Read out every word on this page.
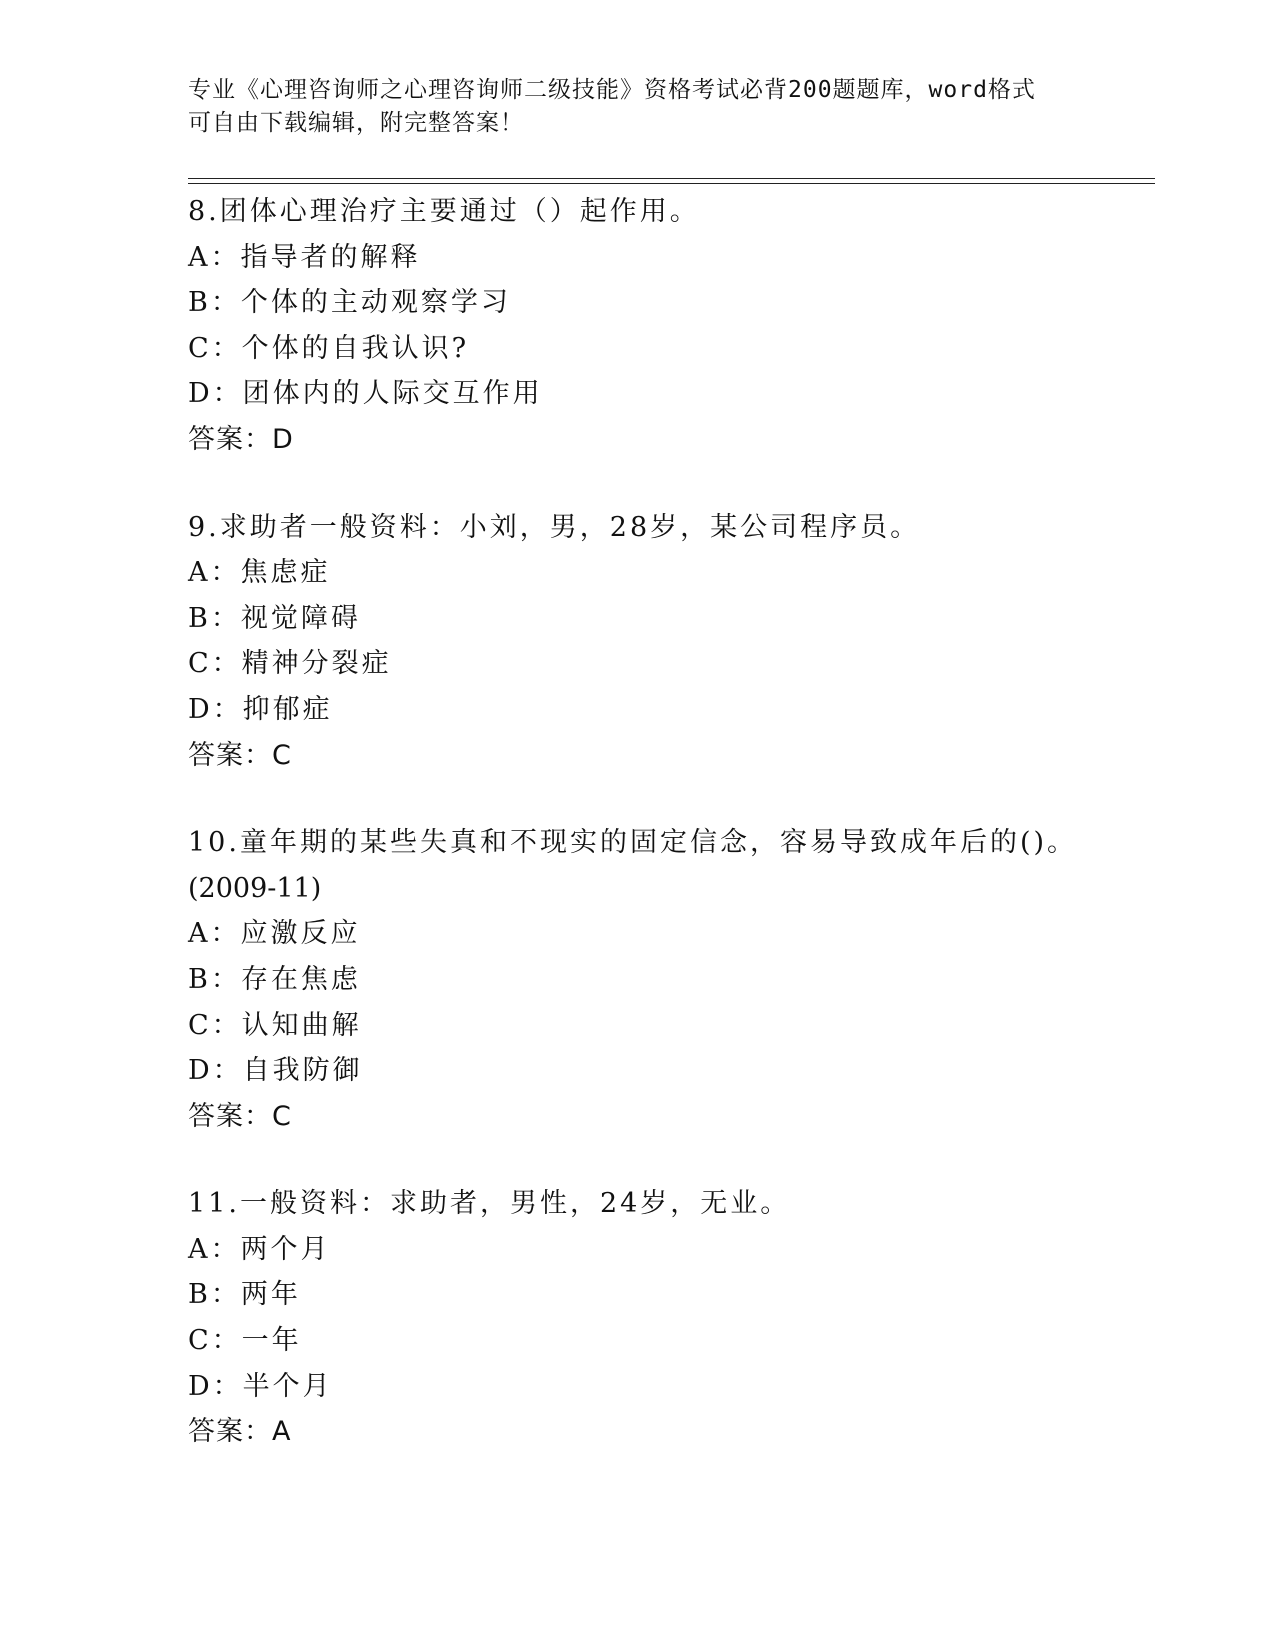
专业《心理咨询师之心理咨询师二级技能》资格考试必背200题题库，word格式
可自由下载编辑，附完整答案！
8.团体心理治疗主要通过（）起作用。
A：指导者的解释
B：个体的主动观察学习
C：个体的自我认识?
D：团体内的人际交互作用
答案：D
9.求助者一般资料：小刘，男，28岁，某公司程序员。
A：焦虑症
B：视觉障碍
C：精神分裂症
D：抑郁症
答案：C
10.童年期的某些失真和不现实的固定信念，容易导致成年后的()。
(2009-11)
A：应激反应
B：存在焦虑
C：认知曲解
D：自我防御
答案：C
11.一般资料：求助者，男性，24岁，无业。
A：两个月
B：两年
C：一年
D：半个月
答案：A
